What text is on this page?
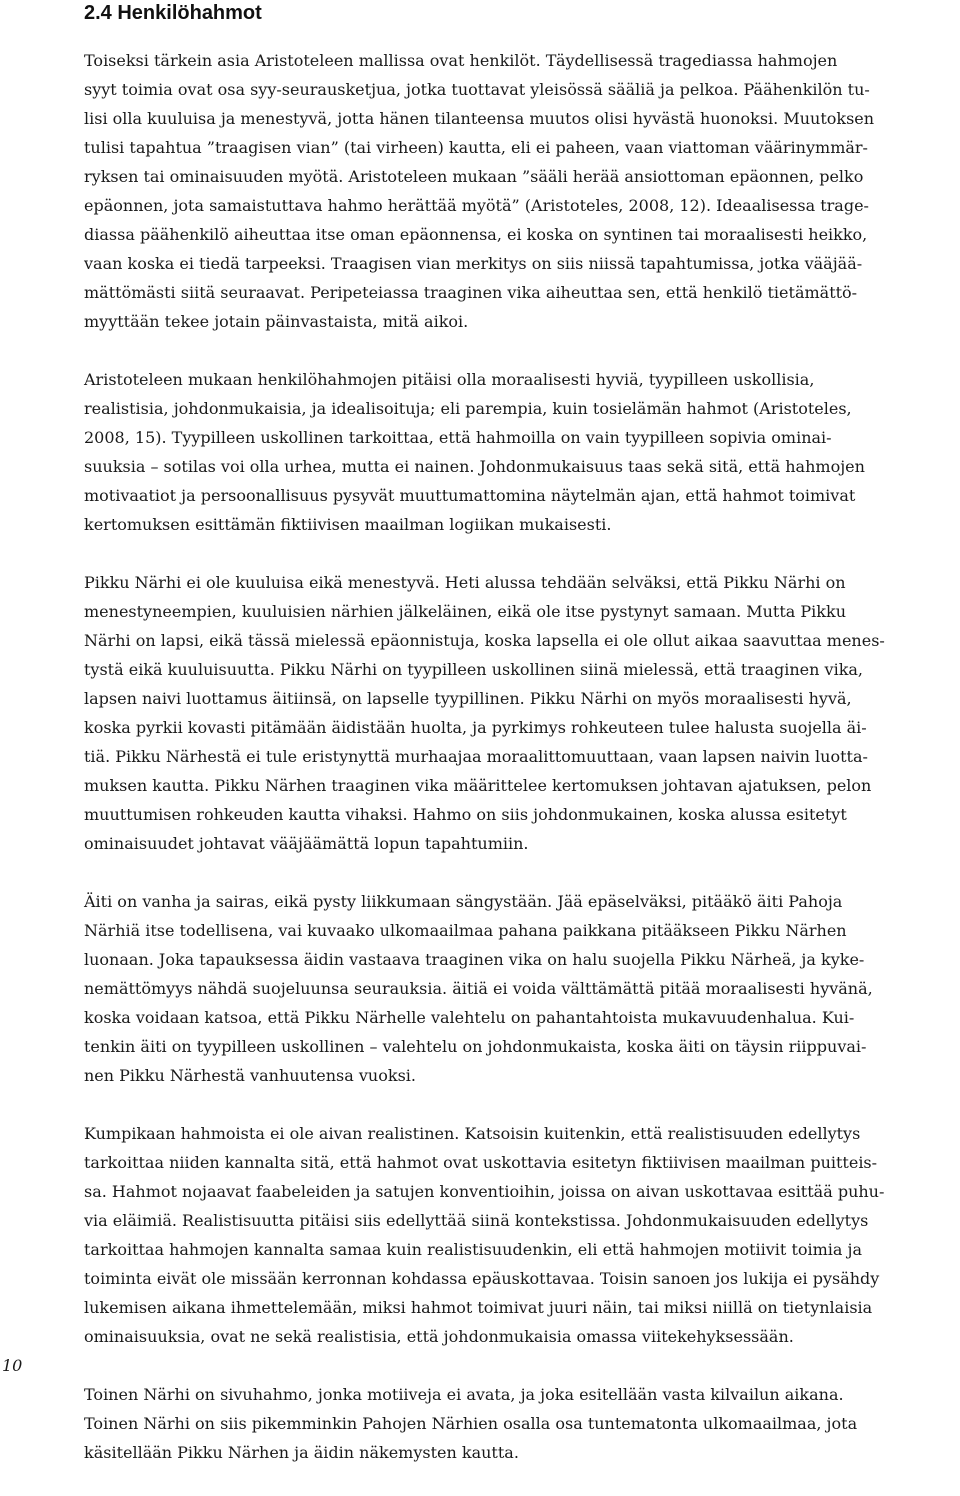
2.4 Henkilöhahmot

Toiseksi tärkein asia Aristoteleen mallissa ovat henkilöt. Täydellisessä tragediassa hahmojen
syyt toimia ovat osa syy-seurausketjua, jotka tuottavat yleisössä sääliä ja pelkoa. Päähenkilön tu-
lisi olla kuuluisa ja menestyvä, jotta hänen tilanteensa muutos olisi hyvästä huonoksi. Muutoksen
tulisi tapahtua ”traagisen vian” (tai virheen) kautta, eli ei paheen, vaan viattoman väärinymmär-
ryksen tai ominaisuuden myötä. Aristoteleen mukaan ”sääli herää ansiottoman epäonnen, pelko
epäonnen, jota samaistuttava hahmo herättää myötä” (Aristoteles, 2008, 12). Ideaalisessa trage-
diassa päähenkilö aiheuttaa itse oman epäonnensa, ei koska on syntinen tai moraalisesti heikko,
vaan koska ei tiedä tarpeeksi. Traagisen vian merkitys on siis niissä tapahtumissa, jotka vääjää-
mättömästi siitä seuraavat. Peripeteiassa traaginen vika aiheuttaa sen, että henkilö tietämättö-
myyttään tekee jotain päinvastaista, mitä aikoi.

Aristoteleen mukaan henkilöhahmojen pitäisi olla moraalisesti hyviä, tyypilleen uskollisia,
realistisia, johdonmukaisia, ja idealisoituja; eli parempia, kuin tosielämän hahmot (Aristoteles,
2008, 15). Tyypilleen uskollinen tarkoittaa, että hahmoilla on vain tyypilleen sopivia ominai-
suuksia – sotilas voi olla urhea, mutta ei nainen. Johdonmukaisuus taas sekä sitä, että hahmojen
motivaatiot ja persoonallisuus pysyvät muuttumattomina näytelmän ajan, että hahmot toimivat
kertomuksen esittämän fiktiivisen maailman logiikan mukaisesti.

Pikku Närhi ei ole kuuluisa eikä menestyvä. Heti alussa tehdään selväksi, että Pikku Närhi on
menestyneempien, kuuluisien närhien jälkeläinen, eikä ole itse pystynyt samaan. Mutta Pikku
Närhi on lapsi, eikä tässä mielessä epäonnistuja, koska lapsella ei ole ollut aikaa saavuttaa menes-
tystä eikä kuuluisuutta. Pikku Närhi on tyypilleen uskollinen siinä mielessä, että traaginen vika,
lapsen naivi luottamus äitiinsä, on lapselle tyypillinen. Pikku Närhi on myös moraalisesti hyvä,
koska pyrkii kovasti pitämään äidistään huolta, ja pyrkimys rohkeuteen tulee halusta suojella äi-
tiä. Pikku Närhestä ei tule eristynyttä murhaajaa moraalittomuuttaan, vaan lapsen naivin luotta-
muksen kautta. Pikku Närhen traaginen vika määrittelee kertomuksen johtavan ajatuksen, pelon
muuttumisen rohkeuden kautta vihaksi. Hahmo on siis johdonmukainen, koska alussa esitetyt
ominaisuudet johtavat vääjäämättä lopun tapahtumiin.

Äiti on vanha ja sairas, eikä pysty liikkumaan sängystään. Jää epäselväksi, pitääkö äiti Pahoja
Närhiä itse todellisena, vai kuvaako ulkomaailmaa pahana paikkana pitääkseen Pikku Närhen
luonaan. Joka tapauksessa äidin vastaava traaginen vika on halu suojella Pikku Närheä, ja kyke-
nemättömyys nähdä suojeluunsa seurauksia. äitiä ei voida välttämättä pitää moraalisesti hyvänä,
koska voidaan katsoa, että Pikku Närhelle valehtelu on pahantahtoista mukavuudenhalua. Kui-
tenkin äiti on tyypilleen uskollinen – valehtelu on johdonmukaista, koska äiti on täysin riippuvai-
nen Pikku Närhestä vanhuutensa vuoksi.

Kumpikaan hahmoista ei ole aivan realistinen. Katsoisin kuitenkin, että realistisuuden edellytys
tarkoittaa niiden kannalta sitä, että hahmot ovat uskottavia esitetyn fiktiivisen maailman puitteis-
sa. Hahmot nojaavat faabeleiden ja satujen konventioihin, joissa on aivan uskottavaa esittää puhu-
via eläimiä. Realistisuutta pitäisi siis edellyttää siinä kontekstissa. Johdonmukaisuuden edellytys
tarkoittaa hahmojen kannalta samaa kuin realistisuudenkin, eli että hahmojen motiivit toimia ja
toiminta eivät ole missään kerronnan kohdassa epäuskottavaa. Toisin sanoen jos lukija ei pysähdy
lukemisen aikana ihmettelemään, miksi hahmot toimivat juuri näin, tai miksi niillä on tietynlaisia
ominaisuuksia, ovat ne sekä realistisia, että johdonmukaisia omassa viitekehyksessään.

Toinen Närhi on sivuhahmo, jonka motiiveja ei avata, ja joka esitellään vasta kilvailun aikana.
Toinen Närhi on siis pikemminkin Pahojen Närhien osalla osa tuntematonta ulkomaailmaa, jota
käsitellään Pikku Närhen ja äidin näkemysten kautta.

10
